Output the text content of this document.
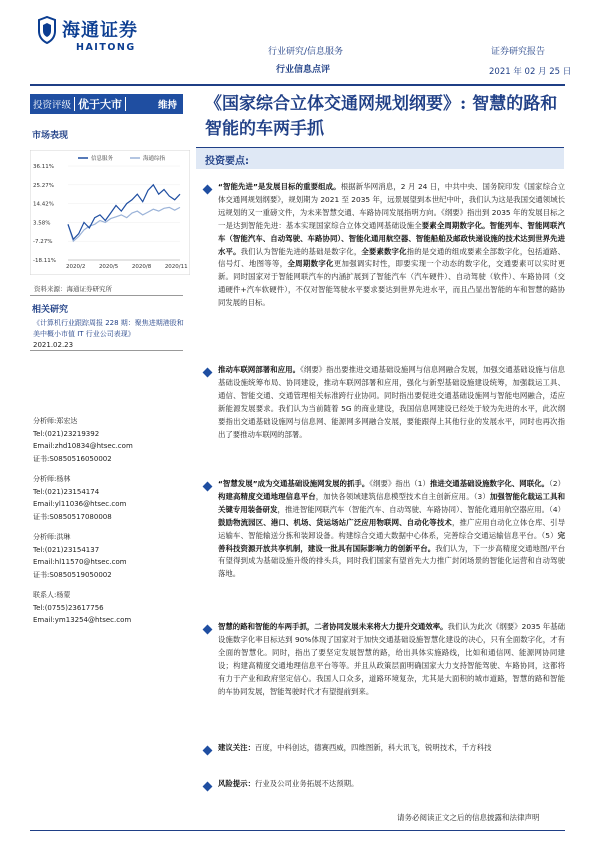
海通证券
HAITONG	行业研究/信息服务
行业信息点评
证券研究报告
2021 年 02 月 25 日
投资评级 优于大市	维持
市场表现
36.11%
25.27%
14.42%
3.58%
-7.27%
-18.11%
2020/2 2020/5 2020/8 2020/11
信息服务	海通综指
资料来源：海通证券研究所
相关研究
《计算机行业跟踪周报 228 期：聚焦进期港股和美中概小市值 IT 行业公司表现》
2021.02.23
分析师:郑宏达
Tel:(021)23219392
Email:zhd10834@htsec.com
证书:S0850516050002
分析师:杨林
Tel:(021)23154174
Email:yl11036@htsec.com
证书:S0850517080008
分析师:洪琳
Tel:(021)23154137
Email:hl11570@htsec.com
证书:S0850519050002
联系人:杨蒙
Tel:(0755)23617756
Email:ym13254@htsec.com
《国家综合立体交通网规划纲要》: 智慧的路和智能的车两手抓
投资要点:
“智能先进”是发展目标的重要组成。根据新华网消息，2 月 24 日，中共中央、国务院印发《国家综合立体交通网规划纲要》，规划期为 2021 至 2035 年，远景展望到本世纪中叶，我们认为这是我国交通领域长远规划的又一重磅文件，为未来智慧交通、车路协同发展指明方向。《纲要》指出到 2035 年的发展目标之一是达到智能先进：基本实现国家综合立体交通网基础设施全要素全周期数字化。智能列车、智能网联汽车（智能汽车、自动驾驶、车路协同）、智能化通用航空器、智能船舶及邮政快递设施的技术达到世界先进水平。我们认为智能先进的基础是数字化，全要素数字化指的是交通的组成要素全部数字化，包括道路、信号灯、地图等等，全周期数字化更加强调实时性，即要实现一个动态的数字化，交通要素可以实时更新。同时国家对于智能网联汽车的内涵扩展到了智能汽车（汽车硬件）、自动驾驶（软件）、车路协同（交通硬件+汽车软硬件），不仅对智能驾驶水平要求要达到世界先进水平，而且凸显出智能的车和智慧的路协同发展的目标。
推动车联网部署和应用。《纲要》指出要推进交通基础设施网与信息网融合发展，加强交通基础设施与信息基础设施统筹布局、协同建设，推动车联网部署和应用，强化与新型基础设施建设统筹，加强载运工具、通信、智能交通、交通管理相关标准跨行业协同。同时指出要促进交通基础设施网与智能电网融合，适应新能源发展要求。我们认为当前随着 5G 的商业建设，我国信息网建设已经处于较为先进的水平，此次纲要指出交通基础设施网与信息网、能源网多网融合发展，要能跟得上其他行业的发展水平，同时也再次指出了要推动车联网的部署。
“智慧发展”成为交通基础设施网发展的抓手。《纲要》指出（1）推进交通基础设施数字化、网联化。（2）构建高精度交通地理信息平台，加快各领域建筑信息模型技术自主创新应用。（3）加强智能化载运工具和关键专用装备研发，推进智能网联汽车（智能汽车、自动驾驶、车路协同）、智能化通用航空器应用。（4）鼓励物流园区、港口、机场、货运场站广泛应用物联网、自动化等技术，推广应用自动化立体仓库、引导运输车、智能输送分拣和装卸设备。构建综合交通大数据中心体系，完善综合交通运输信息平台。（5）完善科技资源开放共享机制，建设一批具有国际影响力的创新平台。我们认为，下一步高精度交通地图/平台有望得到成为基础设施升级的排头兵，同时我们国家有望首先大力推广封闭场景的智能化运营和自动驾驶落地。
智慧的路和智能的车两手抓，二者协同发展未来将大力提升交通效率。我们认为此次《纲要》2035 年基础设施数字化率目标达到 90%体现了国家对于加快交通基础设施智慧化建设的决心，只有全面数字化，才有全面的智慧化。同时，指出了要坚定发展智慧的路，给出具体实施路线，比如和通信网、能源网协同建设；构建高精度交通地理信息平台等等。并且从政策层面明确国家大力支持智能驾驶、车路协同，这都将有力于产业和政府坚定信心。我国人口众多，道路环境复杂，尤其是大面积的城市道路，智慧的路和智能的车协同发展，智能驾驶时代才有望提前到来。
建议关注：百度，中科创达，德赛西威，四维图新，科大讯飞，锐明技术，千方科技
风险提示：行业及公司业务拓展不达预期。
请务必阅读正文之后的信息披露和法律声明
